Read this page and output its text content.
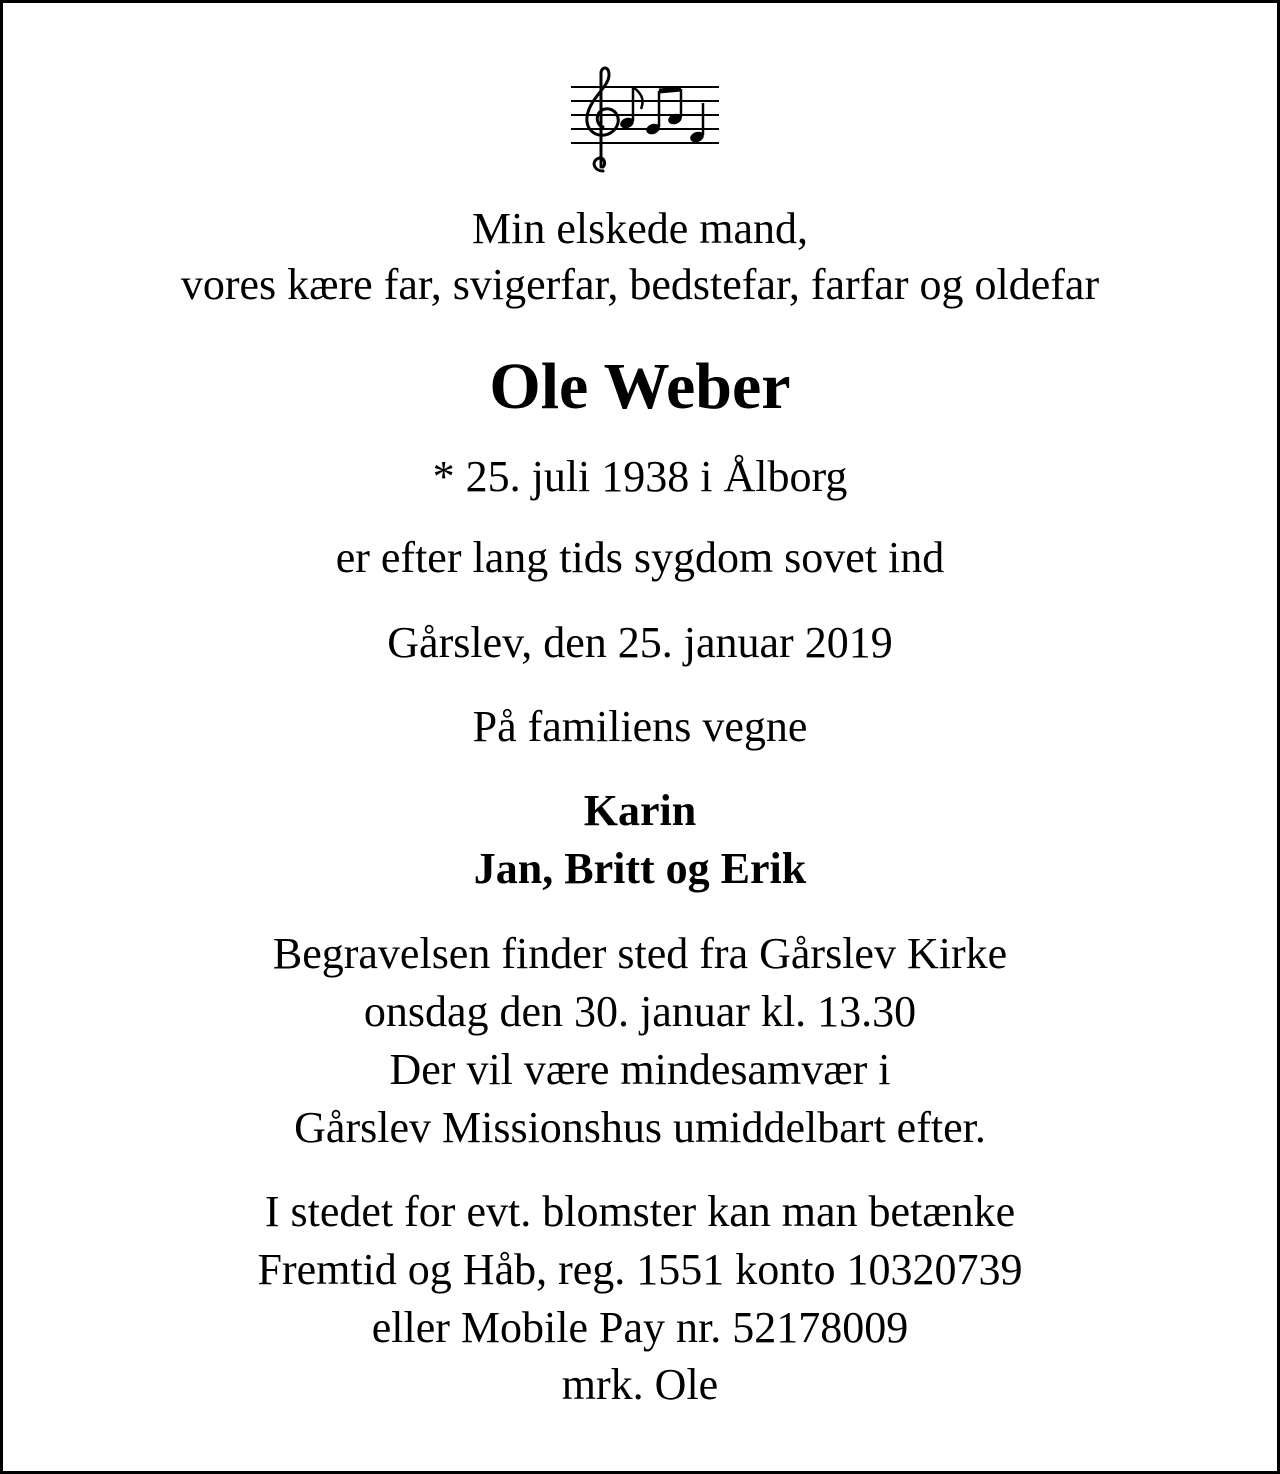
Min elskede mand,
vores kære far, svigerfar, bedstefar, farfar og oldefar
Ole Weber
* 25. juli 1938 i Ålborg
er efter lang tids sygdom sovet ind
Gårslev, den 25. januar 2019
På familiens vegne
Karin
Jan, Britt og Erik
Begravelsen finder sted fra Gårslev Kirke
onsdag den 30. januar kl. 13.30
Der vil være mindesamvær i
Gårslev Missionshus umiddelbart efter.
I stedet for evt. blomster kan man betænke
Fremtid og Håb, reg. 1551 konto 10320739
eller Mobile Pay nr. 52178009
mrk. Ole
